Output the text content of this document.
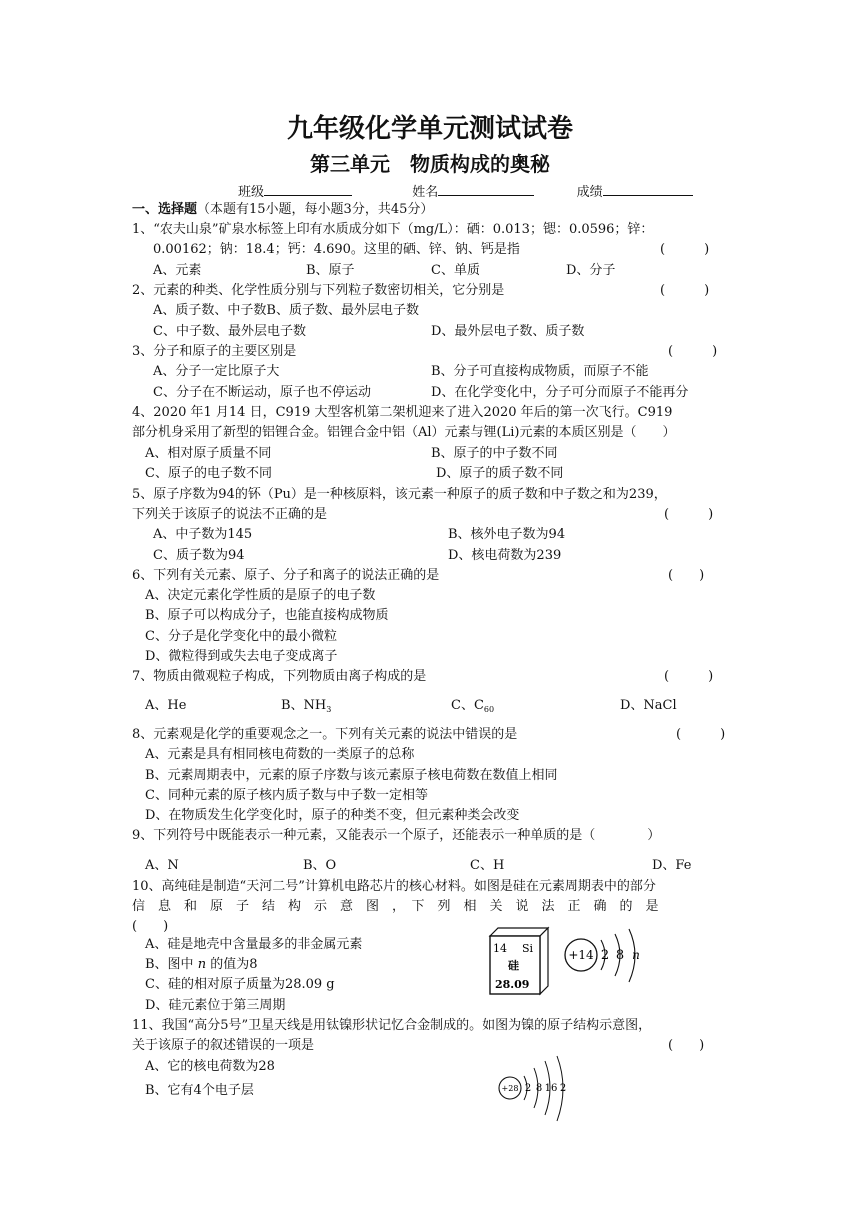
九年级化学单元测试试卷
第三单元　物质构成的奥秘
班级	姓名	成绩
一、选择题（本题有15小题，每小题3分，共45分）
1、“农夫山泉”矿泉水标签上印有水质成分如下（mg/L）：硒：0.013；锶：0.0596；锌：
0.00162；钠：18.4；钙：4.690。这里的硒、锌、钠、钙是指	(　　　)
A、元素	B、原子	C、单质	D、分子
2、元素的种类、化学性质分别与下列粒子数密切相关，它分别是	(　　　)
A、质子数、中子数B、质子数、最外层电子数
C、中子数、最外层电子数	D、最外层电子数、质子数
3、分子和原子的主要区别是	(　　　)
A、分子一定比原子大	B、分子可直接构成物质，而原子不能
C、分子在不断运动，原子也不停运动	D、在化学变化中，分子可分而原子不能再分
4、2020 年1 月14 日，C919 大型客机第二架机迎来了进入2020 年后的第一次飞行。C919
部分机身采用了新型的铝锂合金。铝锂合金中铝（Al）元素与锂(Li)元素的本质区别是（　　）
A、相对原子质量不同	B、原子的中子数不同
C、原子的电子数不同	D、原子的质子数不同
5、原子序数为94的钚（Pu）是一种核原料，该元素一种原子的质子数和中子数之和为239，
下列关于该原子的说法不正确的是	(　　　)
A、中子数为145	B、核外电子数为94
C、质子数为94	D、核电荷数为239
6、下列有关元素、原子、分子和离子的说法正确的是	(　　)
A、决定元素化学性质的是原子的电子数
B、原子可以构成分子，也能直接构成物质
C、分子是化学变化中的最小微粒
D、微粒得到或失去电子变成离子
7、物质由微观粒子构成，下列物质由离子构成的是	(　　　)
A、He	B、$NH_3$	C、$C_{60}$	D、NaCl
8、元素观是化学的重要观念之一。下列有关元素的说法中错误的是	(　　　)
A、元素是具有相同核电荷数的一类原子的总称
B、元素周期表中，元素的原子序数与该元素原子核电荷数在数值上相同
C、同种元素的原子核内质子数与中子数一定相等
D、在物质发生化学变化时，原子的种类不变，但元素种类会改变
9、下列符号中既能表示一种元素，又能表示一个原子，还能表示一种单质的是（　　　　）
A、N	B、O	C、H	D、Fe
10、高纯硅是制造“天河二号”计算机电路芯片的核心材料。如图是硅在元素周期表中的部分
信　息　和　原　子　结　构　示　意　图　，　下　列　相　关　说　法　正　确　的　是
(　　)
A、硅是地壳中含量最多的非金属元素
B、图中 n 的值为8
C、硅的相对原子质量为28.09 g
D、硅元素位于第三周期
14 Si
硅
28.09
+14 2 8 n
11、我国“高分5号”卫星天线是用钛镍形状记忆合金制成的。如图为镍的原子结构示意图，
关于该原子的叙述错误的一项是	(　　)
A、它的核电荷数为28
B、它有4个电子层	+28 2 8 16 2
